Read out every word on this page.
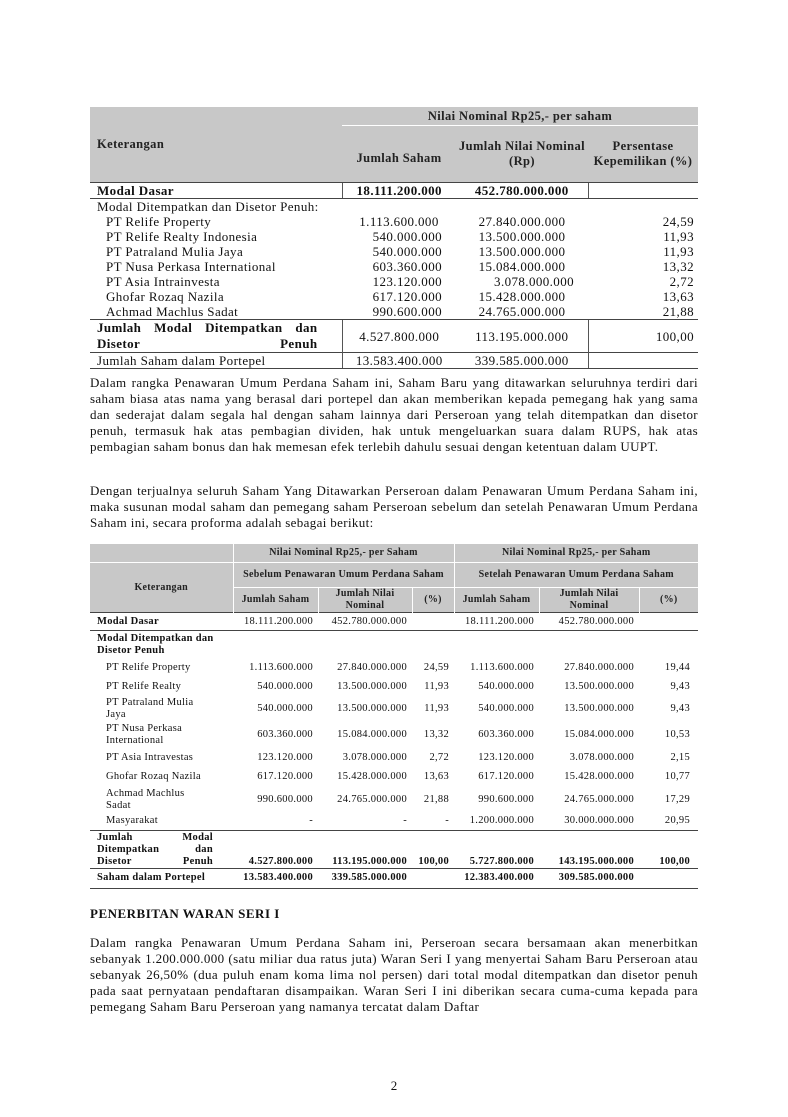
Keterangan	Nilai Nominal Rp25,- per saham		
	Jumlah Saham	Jumlah Nilai Nominal (Rp)	Persentase Kepemilikan (%)
Modal Dasar	18.111.200.000	452.780.000.000	
Modal Ditempatkan dan Disetor Penuh:			
PT Relife Property	1.113.600.000	27.840.000.000	24,59
PT Relife Realty Indonesia	540.000.000	13.500.000.000	11,93
PT Patraland Mulia Jaya	540.000.000	13.500.000.000	11,93
PT Nusa Perkasa International	603.360.000	15.084.000.000	13,32
PT Asia Intrainvesta	123.120.000	3.078.000.000	2,72
Ghofar Rozaq Nazila	617.120.000	15.428.000.000	13,63
Achmad Machlus Sadat	990.600.000	24.765.000.000	21,88
Jumlah Modal Ditempatkan dan Disetor Penuh	4.527.800.000	113.195.000.000	100,00
Jumlah Saham dalam Portepel	13.583.400.000	339.585.000.000	

Dalam rangka Penawaran Umum Perdana Saham ini, Saham Baru yang ditawarkan seluruhnya terdiri dari saham biasa atas nama yang berasal dari portepel dan akan memberikan kepada pemegang hak yang sama dan sederajat dalam segala hal dengan saham lainnya dari Perseroan yang telah ditempatkan dan disetor penuh, termasuk hak atas pembagian dividen, hak untuk mengeluarkan suara dalam RUPS, hak atas pembagian saham bonus dan hak memesan efek terlebih dahulu sesuai dengan ketentuan dalam UUPT.

Dengan terjualnya seluruh Saham Yang Ditawarkan Perseroan dalam Penawaran Umum Perdana Saham ini, maka susunan modal saham dan pemegang saham Perseroan sebelum dan setelah Penawaran Umum Perdana Saham ini, secara proforma adalah sebagai berikut:

	Nilai Nominal Rp25,- per Saham			Nilai Nominal Rp25,- per Saham		
Keterangan	Sebelum Penawaran Umum Perdana Saham			Setelah Penawaran Umum Perdana Saham		
	Jumlah Saham	Jumlah Nilai Nominal	(%)	Jumlah Saham	Jumlah Nilai Nominal	(%)
Modal Dasar	18.111.200.000	452.780.000.000		18.111.200.000	452.780.000.000	
Modal Ditempatkan dan Disetor Penuh						
PT Relife Property	1.113.600.000	27.840.000.000	24,59	1.113.600.000	27.840.000.000	19,44
PT Relife Realty	540.000.000	13.500.000.000	11,93	540.000.000	13.500.000.000	9,43
PT Patraland Mulia Jaya	540.000.000	13.500.000.000	11,93	540.000.000	13.500.000.000	9,43
PT Nusa Perkasa International	603.360.000	15.084.000.000	13,32	603.360.000	15.084.000.000	10,53
PT Asia Intravestas	123.120.000	3.078.000.000	2,72	123.120.000	3.078.000.000	2,15
Ghofar Rozaq Nazila	617.120.000	15.428.000.000	13,63	617.120.000	15.428.000.000	10,77
Achmad Machlus Sadat	990.600.000	24.765.000.000	21,88	990.600.000	24.765.000.000	17,29
Masyarakat	-	-	-	1.200.000.000	30.000.000.000	20,95
Jumlah Modal Ditempatkan dan Disetor Penuh	4.527.800.000	113.195.000.000	100,00	5.727.800.000	143.195.000.000	100,00
Saham dalam Portepel	13.583.400.000	339.585.000.000		12.383.400.000	309.585.000.000	
PENERBITAN WARAN SERI I

Dalam rangka Penawaran Umum Perdana Saham ini, Perseroan secara bersamaan akan menerbitkan sebanyak 1.200.000.000 (satu miliar dua ratus juta) Waran Seri I yang menyertai Saham Baru Perseroan atau sebanyak 26,50% (dua puluh enam koma lima nol persen) dari total modal ditempatkan dan disetor penuh pada saat pernyataan pendaftaran disampaikan. Waran Seri I ini diberikan secara cuma-cuma kepada para pemegang Saham Baru Perseroan yang namanya tercatat dalam Daftar

2
